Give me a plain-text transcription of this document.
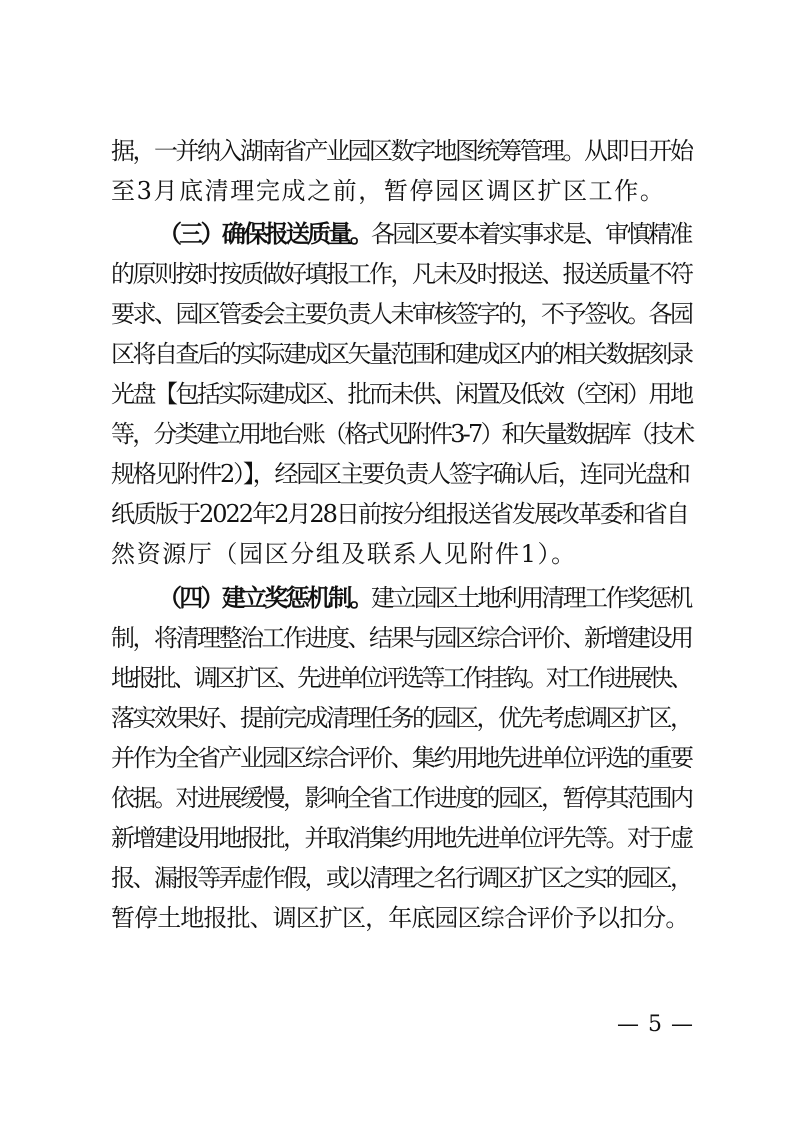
据，一并纳入湖南省产业园区数字地图统筹管理。从即日开始
至3月底清理完成之前，暂停园区调区扩区工作。
（三）确保报送质量。各园区要本着实事求是、审慎精准
的原则按时按质做好填报工作，凡未及时报送、报送质量不符
要求、园区管委会主要负责人未审核签字的，不予签收。各园
区将自查后的实际建成区矢量范围和建成区内的相关数据刻录
光盘【包括实际建成区、批而未供、闲置及低效（空闲）用地
等，分类建立用地台账（格式见附件3-7）和矢量数据库（技术
规格见附件2）】，经园区主要负责人签字确认后，连同光盘和
纸质版于2022年2月28日前按分组报送省发展改革委和省自
然资源厅（园区分组及联系人见附件1）。
（四）建立奖惩机制。建立园区土地利用清理工作奖惩机
制，将清理整治工作进度、结果与园区综合评价、新增建设用
地报批、调区扩区、先进单位评选等工作挂钩。对工作进展快、
落实效果好、提前完成清理任务的园区，优先考虑调区扩区，
并作为全省产业园区综合评价、集约用地先进单位评选的重要
依据。对进展缓慢，影响全省工作进度的园区，暂停其范围内
新增建设用地报批，并取消集约用地先进单位评先等。对于虚
报、漏报等弄虚作假，或以清理之名行调区扩区之实的园区，
暂停土地报批、调区扩区，年底园区综合评价予以扣分。
— 5 —
